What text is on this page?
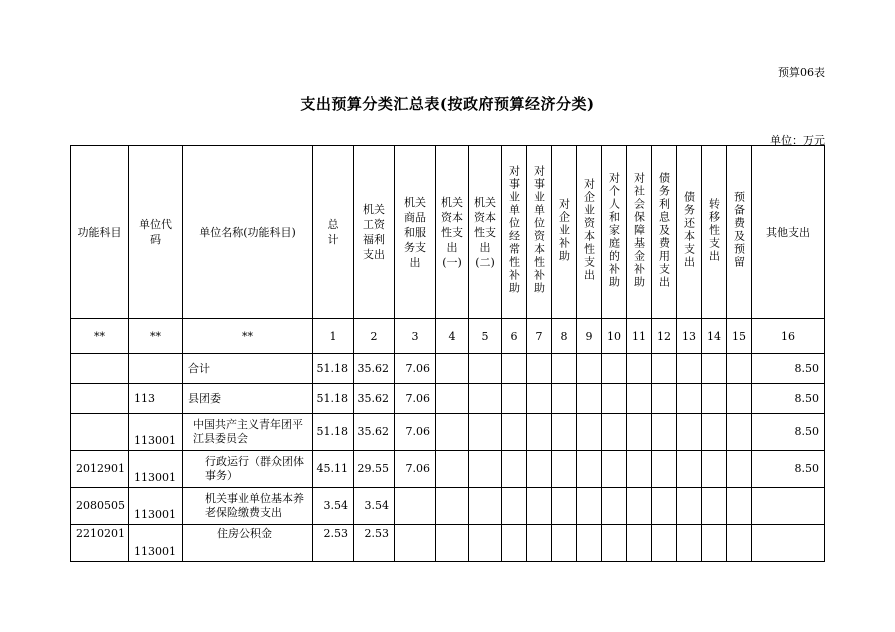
预算06表
支出预算分类汇总表(按政府预算经济分类)
单位：万元
功能科目	单位代码	单位名称(功能科目)	总计	机关工资福利支出	机关商品和服务支出	机关资本性支出(一)	机关资本性支出(二)	对事业单位经常性补助	对事业单位资本性补助	对企业补助	对企业资本性支出	对个人和家庭的补助	对社会保障基金补助	债务利息及费用支出	债务还本支出	转移性支出	预备费及预留	其他支出
**	**	**	1	2	3	4	5	6	7	8	9	10	11	12	13	14	15	16
		合计	51.18	35.62	7.06													8.50
	113	县团委	51.18	35.62	7.06													8.50
	113001	中国共产主义青年团平江县委员会	51.18	35.62	7.06													8.50
2012901	113001	行政运行（群众团体事务）	45.11	29.55	7.06													8.50
2080505	113001	机关事业单位基本养老保险缴费支出	3.54	3.54														
2210201	113001	住房公积金	2.53	2.53														
